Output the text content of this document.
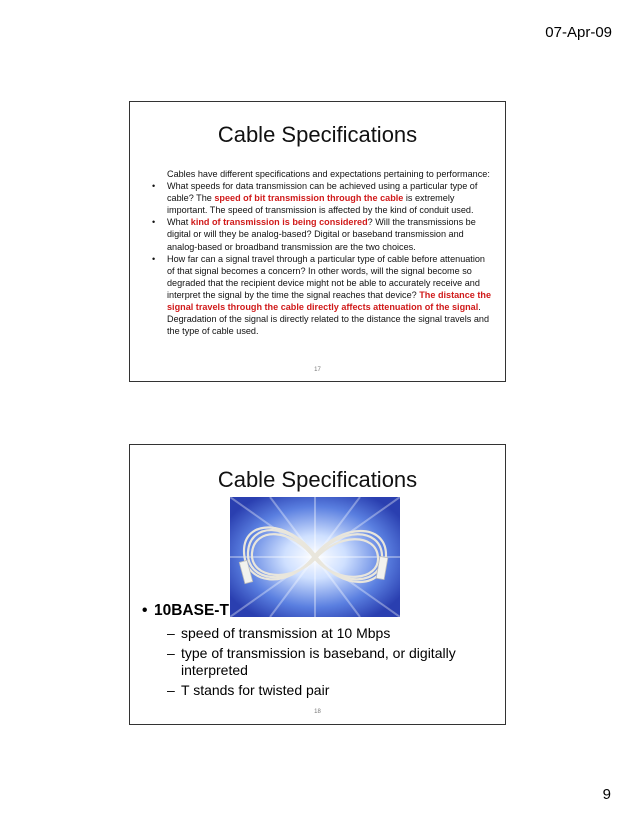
07-Apr-09
Cable Specifications
Cables have different specifications and expectations pertaining to performance:
• What speeds for data transmission can be achieved using a particular type of cable? The speed of bit transmission through the cable is extremely important. The speed of transmission is affected by the kind of conduit used.
• What kind of transmission is being considered? Will the transmissions be digital or will they be analog-based? Digital or baseband transmission and analog-based or broadband transmission are the two choices.
• How far can a signal travel through a particular type of cable before attenuation of that signal becomes a concern? In other words, will the signal become so degraded that the recipient device might not be able to accurately receive and interpret the signal by the time the signal reaches that device? The distance the signal travels through the cable directly affects attenuation of the signal. Degradation of the signal is directly related to the distance the signal travels and the type of cable used.
17
Cable Specifications
• 10BASE-T
– speed of transmission at 10 Mbps
– type of transmission is baseband, or digitally interpreted
– T stands for twisted pair
18
9
